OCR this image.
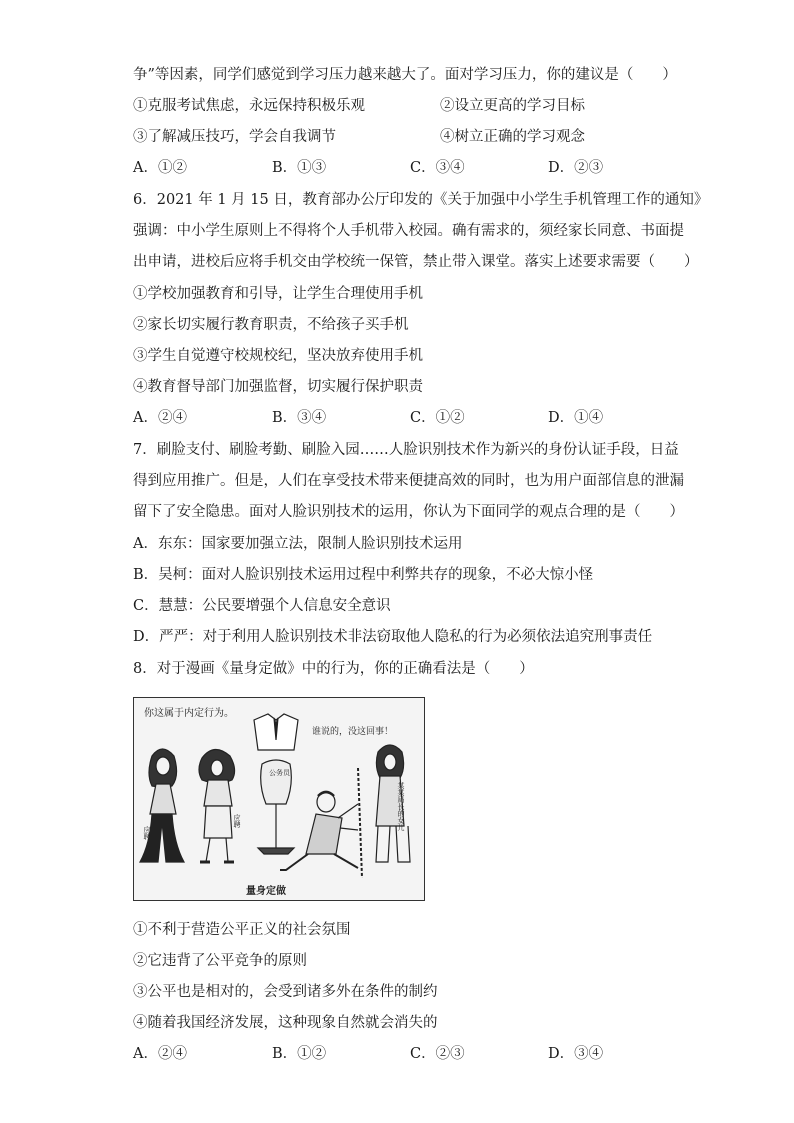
争”等因素，同学们感觉到学习压力越来越大了。面对学习压力，你的建议是（　　）
①克服考试焦虑，永远保持积极乐观	②设立更高的学习目标
③了解减压技巧，学会自我调节	④树立正确的学习观念
A．①②	B．①③	C．③④	D．②③
6．2021 年 1 月 15 日，教育部办公厅印发的《关于加强中小学生手机管理工作的通知》
强调：中小学生原则上不得将个人手机带入校园。确有需求的，须经家长同意、书面提
出申请，进校后应将手机交由学校统一保管，禁止带入课堂。落实上述要求需要（　　）
①学校加强教育和引导，让学生合理使用手机
②家长切实履行教育职责，不给孩子买手机
③学生自觉遵守校规校纪，坚决放弃使用手机
④教育督导部门加强监督，切实履行保护职责
A．②④	B．③④	C．①②	D．①④
7．刷脸支付、刷脸考勤、刷脸入园……人脸识别技术作为新兴的身份认证手段，日益
得到应用推广。但是，人们在享受技术带来便捷高效的同时，也为用户面部信息的泄漏
留下了安全隐患。面对人脸识别技术的运用，你认为下面同学的观点合理的是（　　）
A．东东：国家要加强立法，限制人脸识别技术运用
B．吴柯：面对人脸识别技术运用过程中利弊共存的现象，不必大惊小怪
C．慧慧：公民要增强个人信息安全意识
D．严严：对于利用人脸识别技术非法窃取他人隐私的行为必须依法追究刑事责任
8．对于漫画《量身定做》中的行为，你的正确看法是（　　）
你这属于内定行为。
谁说的，没这回事！
量身定做
公务员
应聘
应聘	某某局长的女儿
①不利于营造公平正义的社会氛围
②它违背了公平竞争的原则
③公平也是相对的，会受到诸多外在条件的制约
④随着我国经济发展，这种现象自然就会消失的
A．②④	B．①②	C．②③	D．③④
